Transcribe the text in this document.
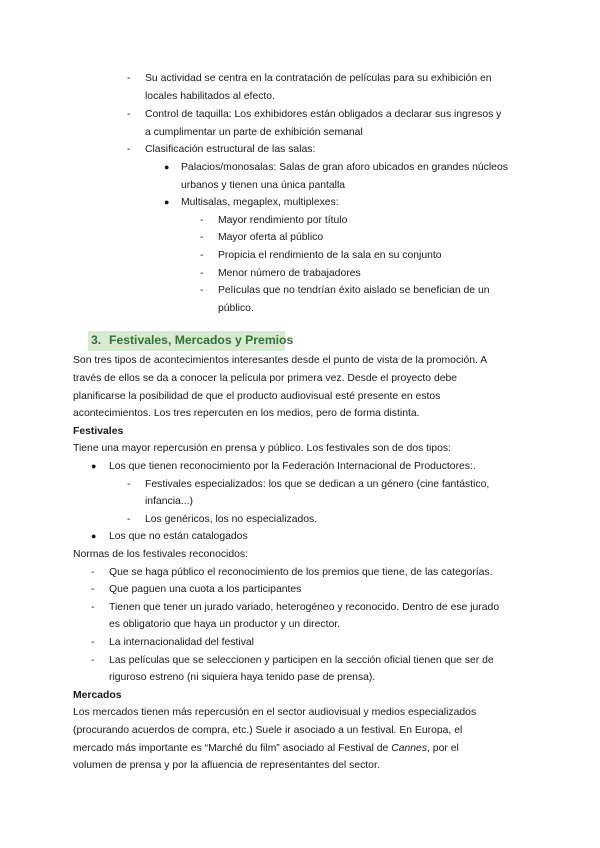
- Su actividad se centra en la contratación de películas para su exhibición en
locales habilitados al efecto.
- Control de taquilla: Los exhibidores están obligados a declarar sus ingresos y
a cumplimentar un parte de exhibición semanal
- Clasificación estructural de las salas:
● Palacios/monosalas: Salas de gran aforo ubicados en grandes núcleos
urbanos y tienen una única pantalla
● Multisalas, megaplex, multiplexes:
- Mayor rendimiento por título
- Mayor oferta al público
- Propicia el rendimiento de la sala en su conjunto
- Menor número de trabajadores
- Películas que no tendrían éxito aislado se benefician de un
público.
3. Festivales, Mercados y Premios
Son tres tipos de acontecimientos interesantes desde el punto de vista de la promoción. A
través de ellos se da a conocer la película por primera vez. Desde el proyecto debe
planificarse la posibilidad de que el producto audiovisual esté presente en estos
acontecimientos. Los tres repercuten en los medios, pero de forma distinta.
Festivales
Tiene una mayor repercusión en prensa y público. Los festivales son de dos tipos:
● Los que tienen reconocimiento por la Federación Internacional de Productores:.
- Festivales especializados: los que se dedican a un género (cine fantástico,
infancia...)
- Los genéricos, los no especializados.
● Los que no están catalogados
Normas de los festivales reconocidos:
- Que se haga público el reconocimiento de los premios que tiene, de las categorías.
- Que paguen una cuota a los participantes
- Tienen que tener un jurado variado, heterogéneo y reconocido. Dentro de ese jurado
es obligatorio que haya un productor y un director.
- La internacionalidad del festival
- Las películas que se seleccionen y participen en la sección oficial tienen que ser de
riguroso estreno (ni siquiera haya tenido pase de prensa).
Mercados
Los mercados tienen más repercusión en el sector audiovisual y medios especializados
(procurando acuerdos de compra, etc.) Suele ir asociado a un festival. En Europa, el
mercado más importante es “Marché du film” asociado al Festival de Cannes, por el
volumen de prensa y por la afluencia de representantes del sector.
